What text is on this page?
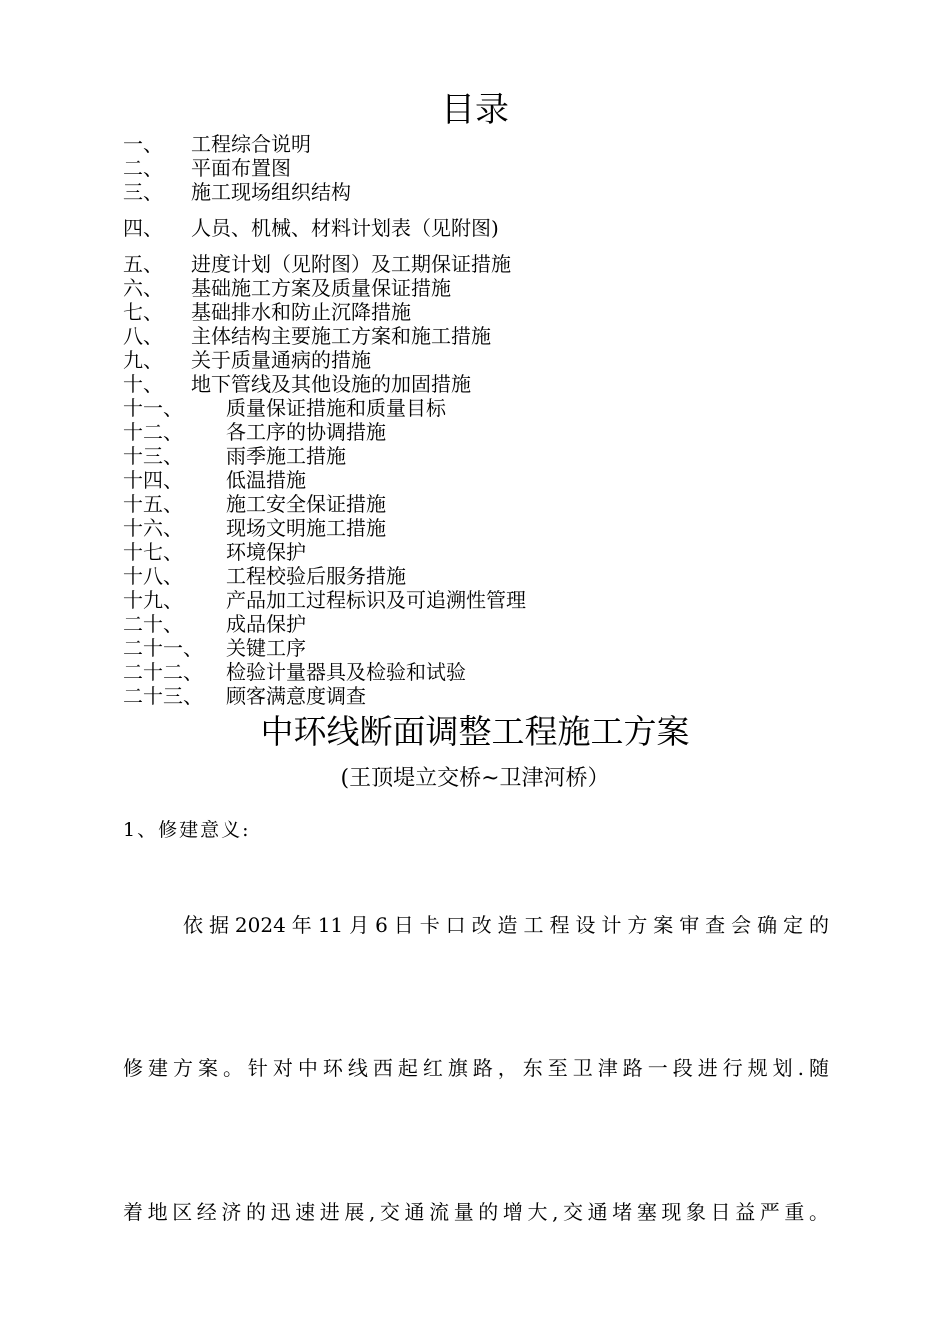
目录
一、 工程综合说明
二、 平面布置图
三、 施工现场组织结构
四、 人员、机械、材料计划表（见附图)
五、 进度计划（见附图）及工期保证措施
六、 基础施工方案及质量保证措施
七、 基础排水和防止沉降措施
八、 主体结构主要施工方案和施工措施
九、 关于质量通病的措施
十、 地下管线及其他设施的加固措施
十一、 质量保证措施和质量目标
十二、 各工序的协调措施
十三、 雨季施工措施
十四、 低温措施
十五、 施工安全保证措施
十六、 现场文明施工措施
十七、 环境保护
十八、 工程校验后服务措施
十九、 产品加工过程标识及可追溯性管理
二十、 成品保护
二十一、 关键工序
二十二、 检验计量器具及检验和试验
二十三、 顾客满意度调查
中环线断面调整工程施工方案
(王顶堤立交桥~卫津河桥）
1、修建意义:
依据2024年11月6日卡口改造工程设计方案审查会确定的
修建方案。针对中环线西起红旗路，东至卫津路一段进行规划.随
着地区经济的迅速进展,交通流量的增大,交通堵塞现象日益严重。
